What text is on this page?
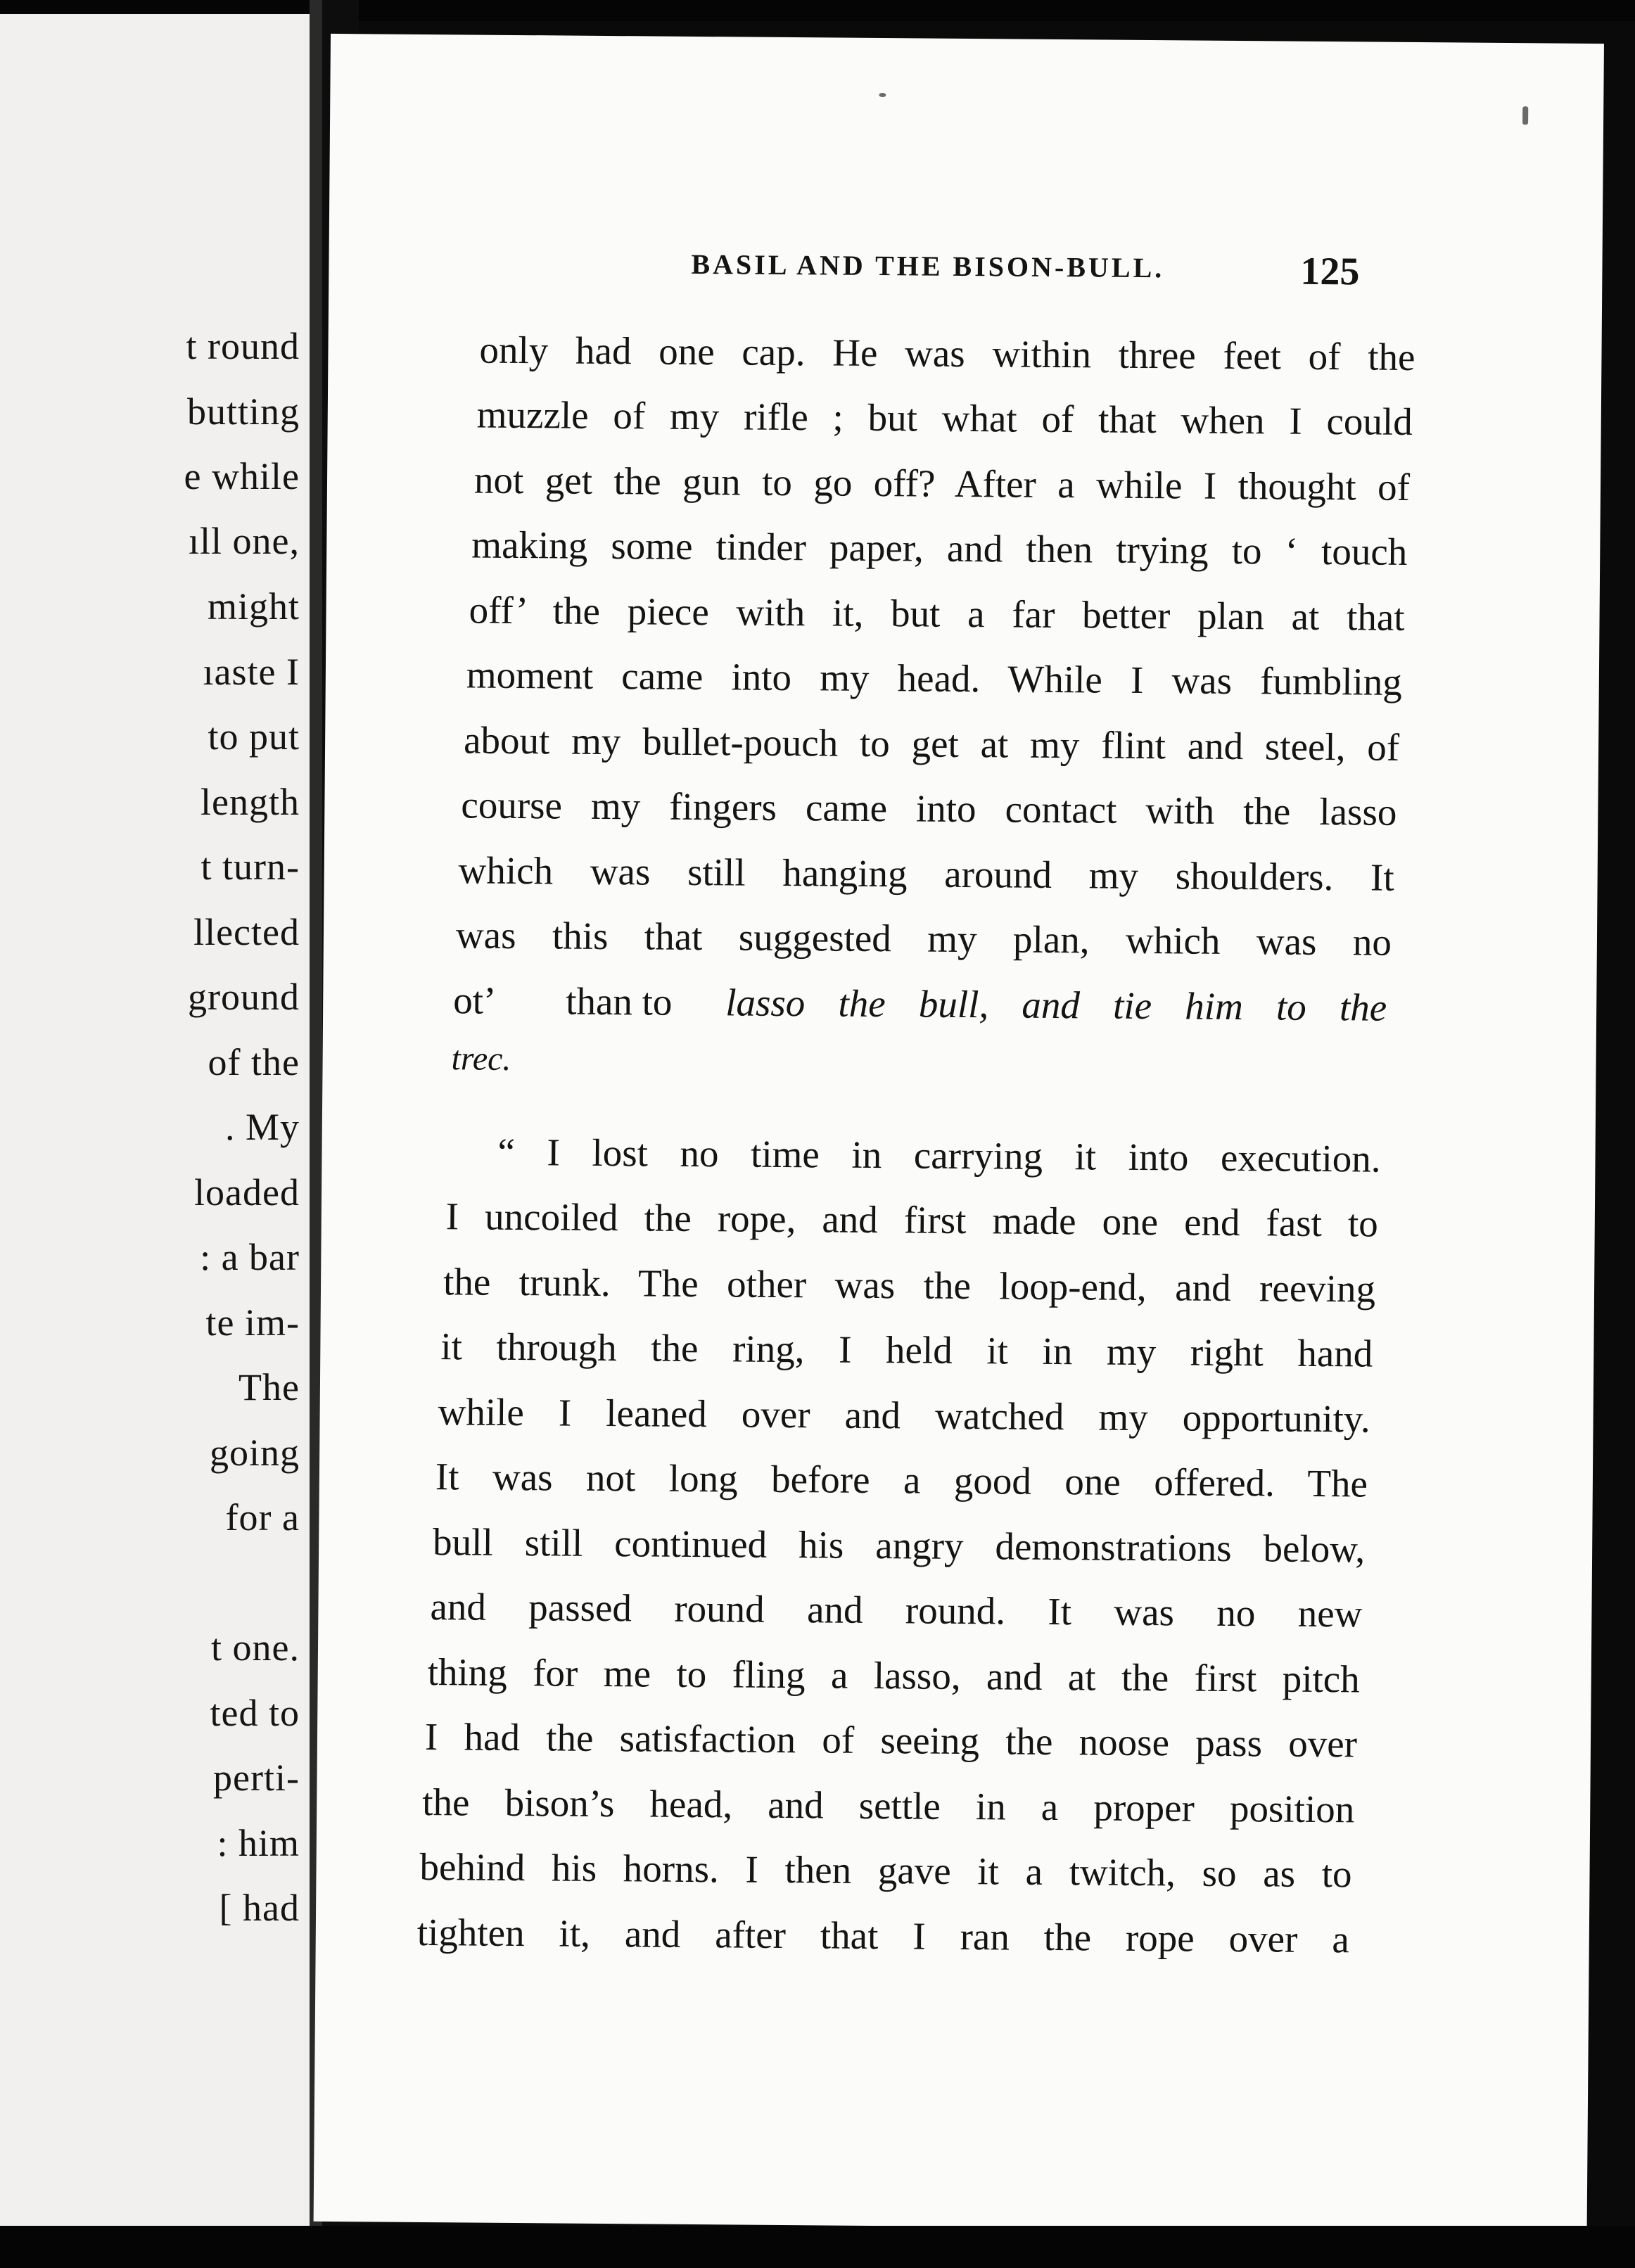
t round
butting
e while
ıll one,
might
ıaste I
to put
length
t turn-
llected
ground
of the
. My
loaded
: a bar
te im-
The
going
for a
t one.
ted to
perti-
: him
[ had
BASIL AND THE BISON-BULL.	125
only had one cap. He was within three feet of the
muzzle of my rifle ; but what of that when I could
not get the gun to go off? After a while I thought of
making some tinder paper, and then trying to ‘ touch
off’ the piece with it, but a far better plan at that
moment came into my head. While I was fumbling
about my bullet-pouch to get at my flint and steel, of
course my fingers came into contact with the lasso
which was still hanging around my shoulders. It
was this that suggested my plan, which was no
ot’ than to lasso the bull, and tie him to the
trec.
“ I lost no time in carrying it into execution.
I uncoiled the rope, and first made one end fast to
the trunk. The other was the loop-end, and reeving
it through the ring, I held it in my right hand
while I leaned over and watched my opportunity.
It was not long before a good one offered. The
bull still continued his angry demonstrations below,
and passed round and round. It was no new
thing for me to fling a lasso, and at the first pitch
I had the satisfaction of seeing the noose pass over
the bison’s head, and settle in a proper position
behind his horns. I then gave it a twitch, so as to
tighten it, and after that I ran the rope over a
